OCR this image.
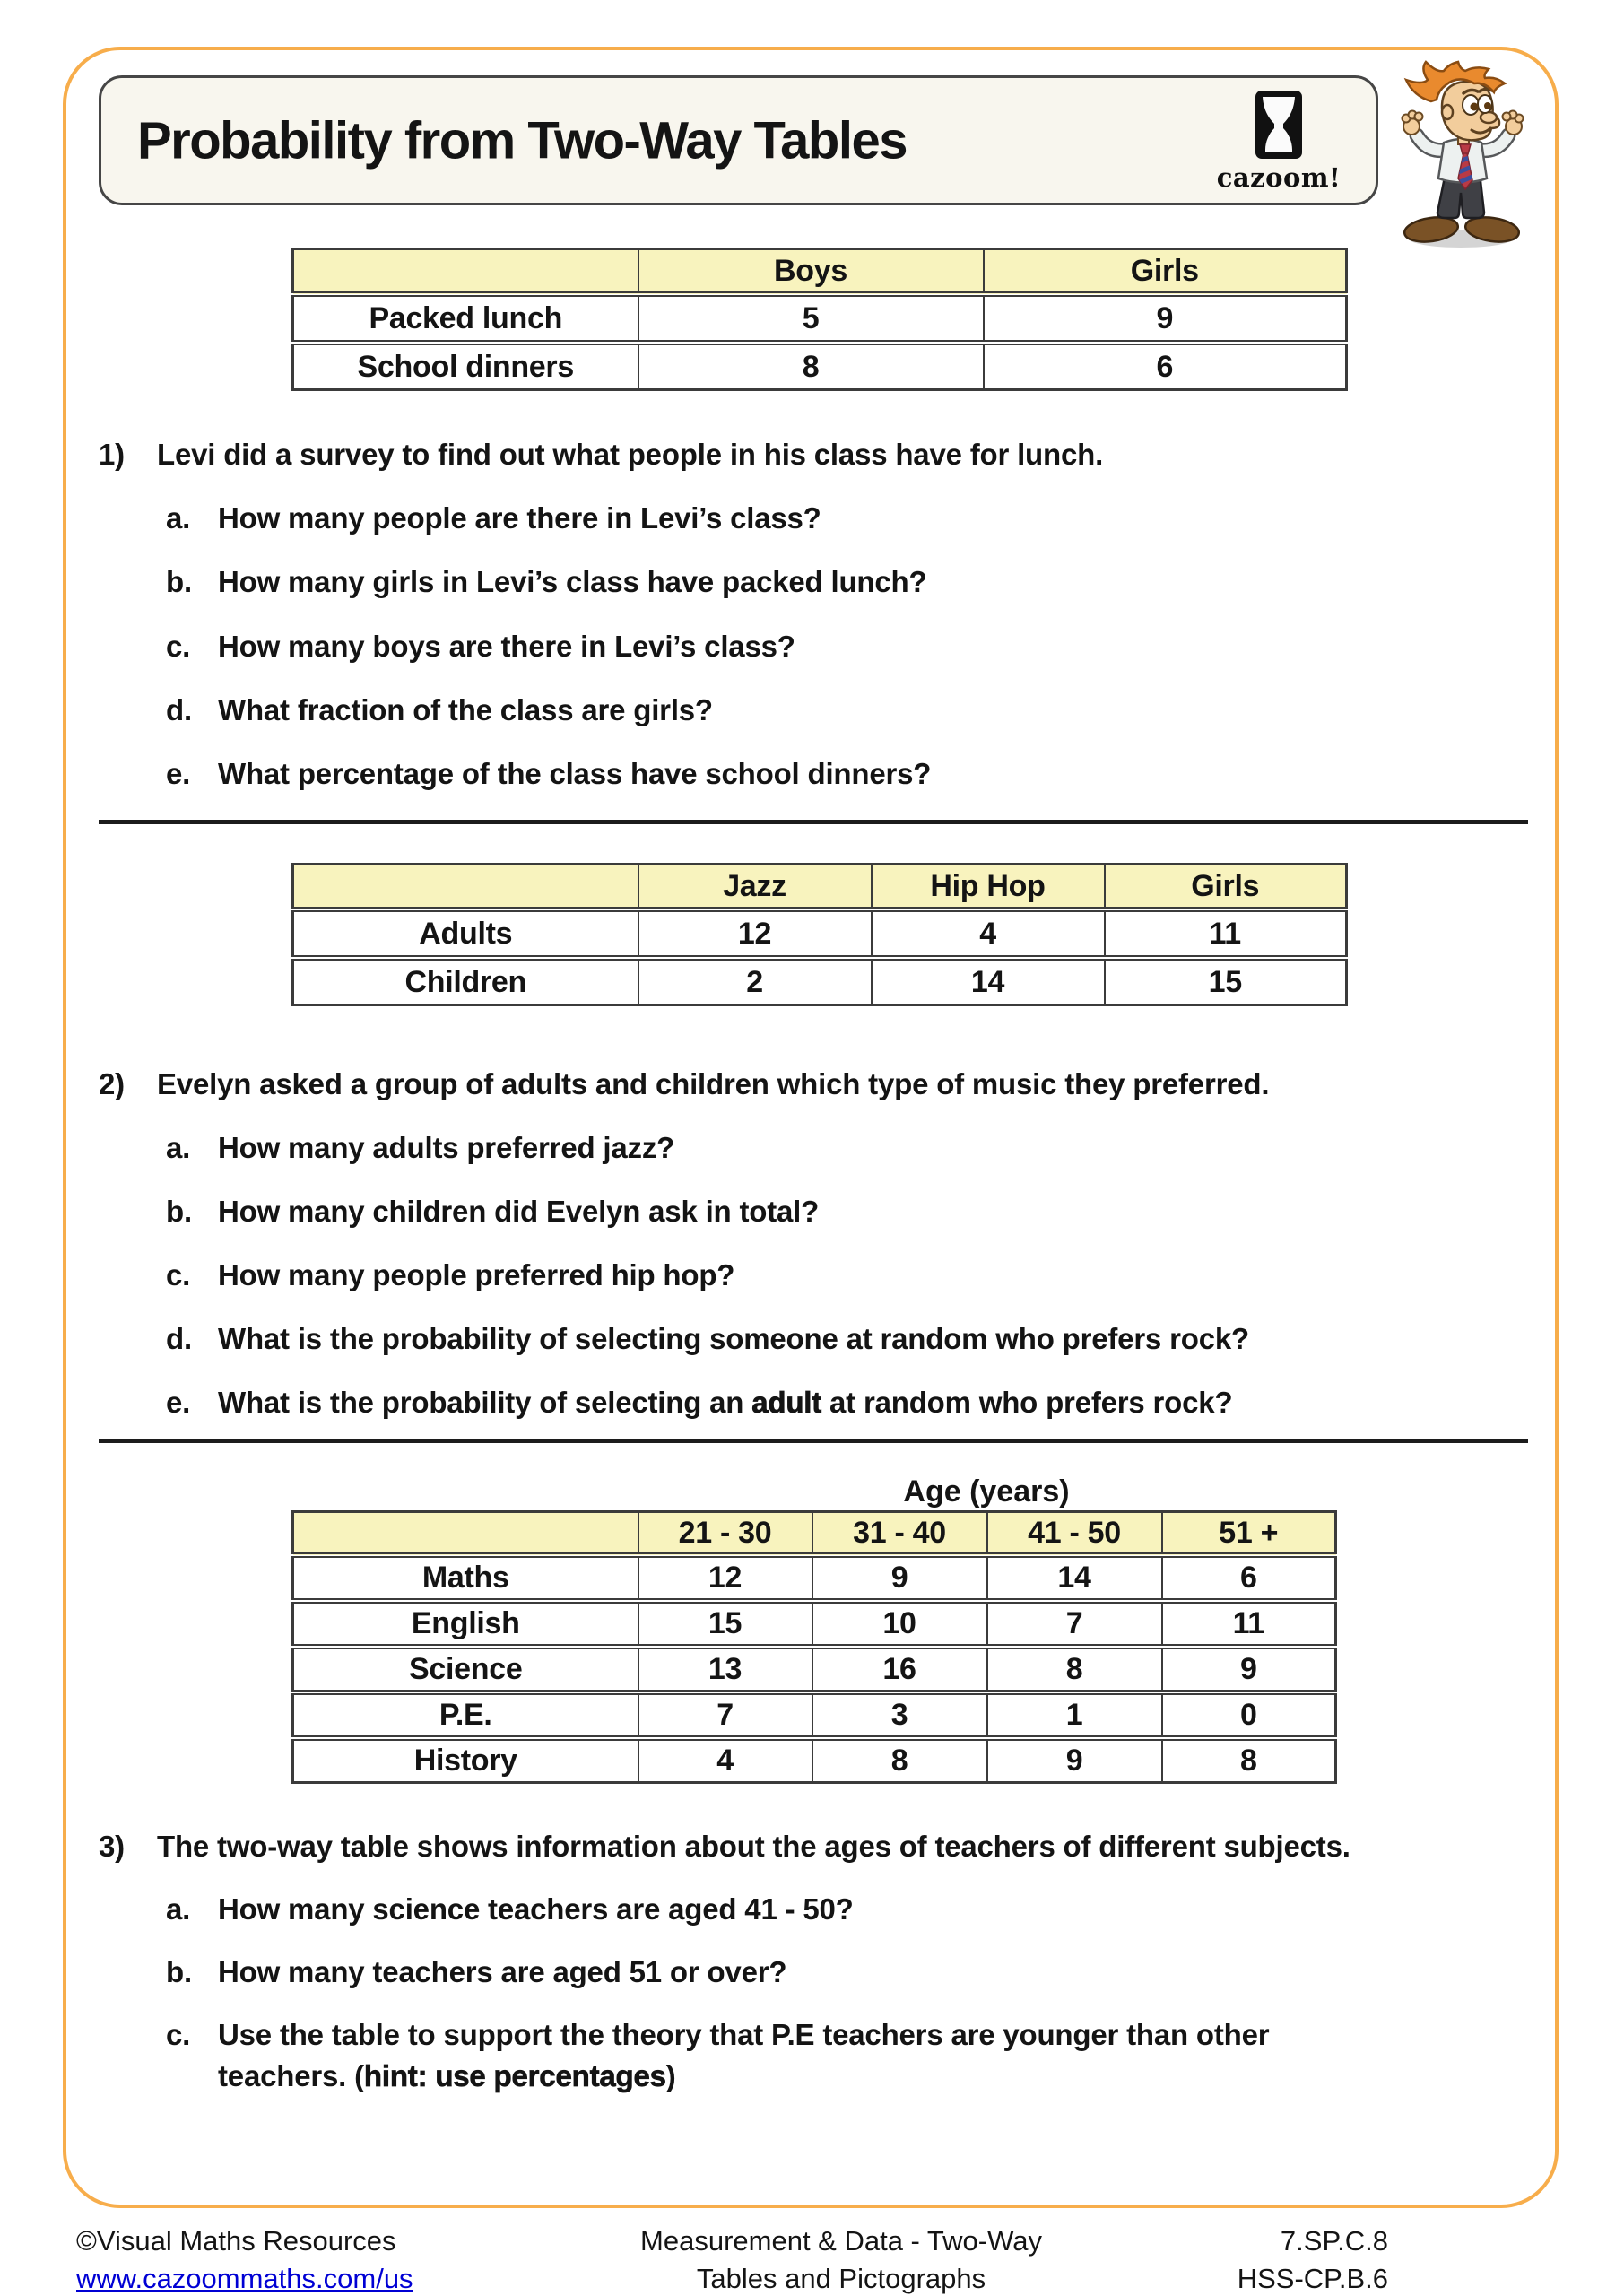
Probability from Two-Way Tables
cazoom!
	Boys	Girls
Packed lunch	5	9
School dinners	8	6
1) Levi did a survey to find out what people in his class have for lunch.
a. How many people are there in Levi’s class?
b. How many girls in Levi’s class have packed lunch?
c. How many boys are there in Levi’s class?
d. What fraction of the class are girls?
e. What percentage of the class have school dinners?
	Jazz	Hip Hop	Girls
Adults	12	4	11
Children	2	14	15
2) Evelyn asked a group of adults and children which type of music they preferred.
a. How many adults preferred jazz?
b. How many children did Evelyn ask in total?
c. How many people preferred hip hop?
d. What is the probability of selecting someone at random who prefers rock?
e. What is the probability of selecting an adult at random who prefers rock?
Age (years)
	21 - 30	31 - 40	41 - 50	51 +
Maths	12	9	14	6
English	15	10	7	11
Science	13	16	8	9
P.E.	7	3	1	0
History	4	8	9	8
3) The two-way table shows information about the ages of teachers of different subjects.
a. How many science teachers are aged 41 - 50?
b. How many teachers are aged 51 or over?
c. Use the table to support the theory that P.E teachers are younger than other
teachers. (hint: use percentages)
©Visual Maths Resources
www.cazoommaths.com/us
Measurement & Data - Two-Way
Tables and Pictographs
7.SP.C.8
HSS-CP.B.6
